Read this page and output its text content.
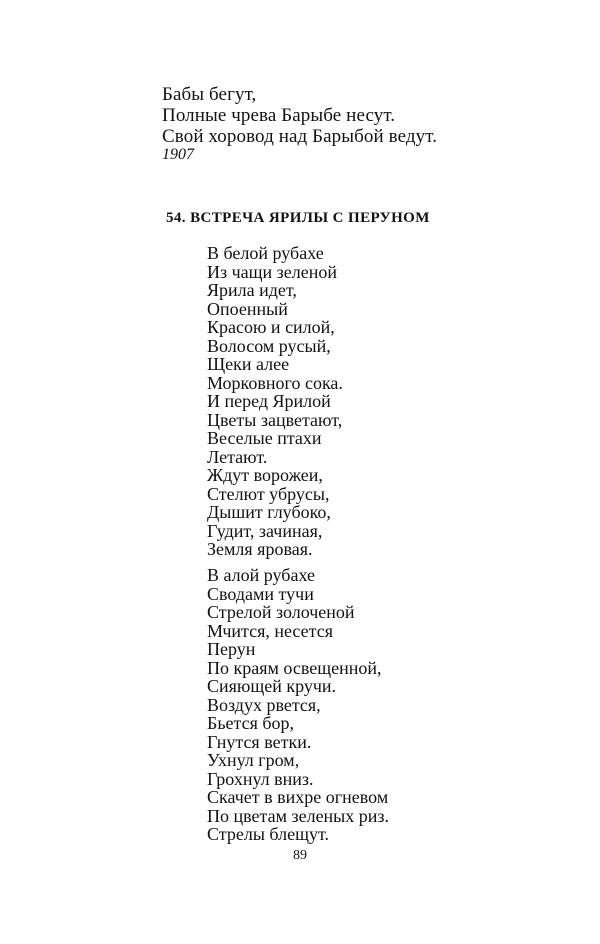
Бабы бегут,
Полные чрева Барыбе несут.
Свой хоровод над Барыбой ведут.
1907
54. ВСТРЕЧА ЯРИЛЫ С ПЕРУНОМ
В белой рубахе
Из чащи зеленой
Ярила идет,
Опоенный
Красою и силой,
Волосом русый,
Щеки алее
Морковного сока.
И перед Ярилой
Цветы зацветают,
Веселые птахи
Летают.
Ждут ворожеи,
Стелют убрусы,
Дышит глубоко,
Гудит, зачиная,
Земля яровая.
В алой рубахе
Сводами тучи
Стрелой золоченой
Мчится, несется
Перун
По краям освещенной,
Сияющей кручи.
Воздух рвется,
Бьется бор,
Гнутся ветки.
Ухнул гром,
Грохнул вниз.
Скачет в вихре огневом
По цветам зеленых риз.
Стрелы блещут.
89
